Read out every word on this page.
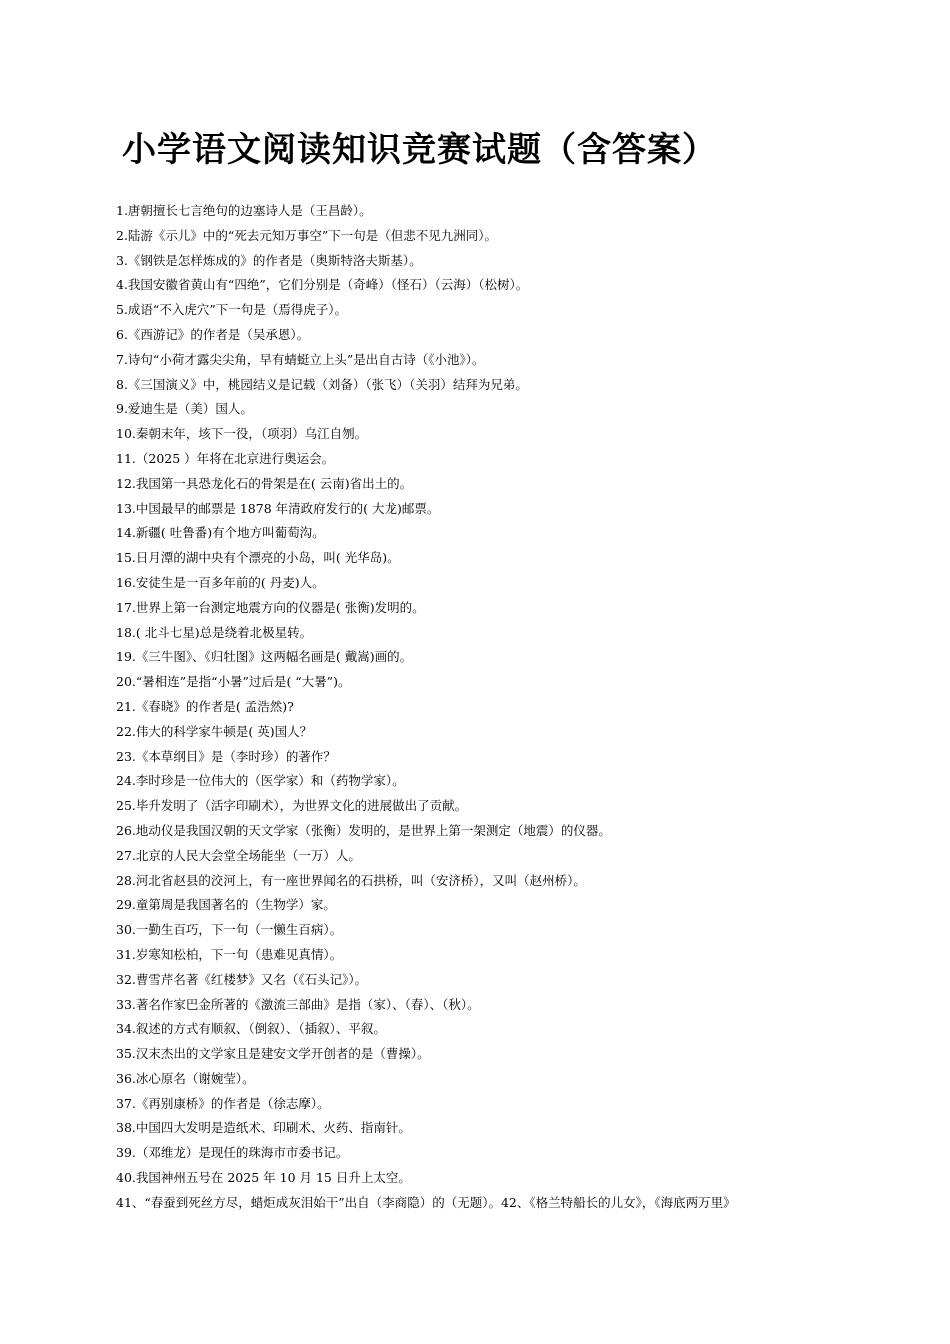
小学语文阅读知识竞赛试题（含答案）
1.唐朝擅长七言绝句的边塞诗人是（王昌龄）。
2.陆游《示儿》中的“死去元知万事空”下一句是（但悲不见九洲同）。
3.《钢铁是怎样炼成的》的作者是（奥斯特洛夫斯基）。
4.我国安徽省黄山有“四绝”，它们分别是（奇峰）（怪石）（云海）（松树）。
5.成语“不入虎穴”下一句是（焉得虎子）。
6.《西游记》的作者是（吴承恩）。
7.诗句“小荷才露尖尖角，早有蜻蜓立上头”是出自古诗（《小池》）。
8.《三国演义》中，桃园结义是记载（刘备）（张飞）（关羽）结拜为兄弟。
9.爱迪生是（美）国人。
10.秦朝末年，垓下一役，（项羽）乌江自刎。
11.（2025 ）年将在北京进行奥运会。
12.我国第一具恐龙化石的骨架是在( 云南)省出土的。
13.中国最早的邮票是 1878 年清政府发行的( 大龙)邮票。
14.新疆( 吐鲁番)有个地方叫葡萄沟。
15.日月潭的湖中央有个漂亮的小岛，叫( 光华岛)。
16.安徒生是一百多年前的( 丹麦)人。
17.世界上第一台测定地震方向的仪器是( 张衡)发明的。
18.( 北斗七星)总是绕着北极星转。
19.《三牛图》、《归牡图》这两幅名画是( 戴嵩)画的。
20.“暑相连”是指“小暑”过后是( “大暑”)。
21.《春晓》的作者是( 孟浩然)?
22.伟大的科学家牛顿是( 英)国人？
23.《本草纲目》是（李时珍）的著作？
24.李时珍是一位伟大的（医学家）和（药物学家）。
25.毕升发明了（活字印刷术），为世界文化的进展做出了贡献。
26.地动仪是我国汉朝的天文学家（张衡）发明的，是世界上第一架测定（地震）的仪器。
27.北京的人民大会堂全场能坐（一万）人。
28.河北省赵县的洨河上，有一座世界闻名的石拱桥，叫（安济桥），又叫（赵州桥）。
29.童第周是我国著名的（生物学）家。
30.一勤生百巧，下一句（一懒生百病）。
31.岁寒知松柏，下一句（患难见真情）。
32.曹雪芹名著《红楼梦》又名（《石头记》）。
33.著名作家巴金所著的《激流三部曲》是指（家）、（春）、（秋）。
34.叙述的方式有顺叙、（倒叙）、（插叙）、平叙。
35.汉末杰出的文学家且是建安文学开创者的是（曹操）。
36.冰心原名（谢婉莹）。
37.《再别康桥》的作者是（徐志摩）。
38.中国四大发明是造纸术、印刷术、火药、指南针。
39.（邓维龙）是现任的珠海市市委书记。
40.我国神州五号在 2025 年 10 月 15 日升上太空。
41、“春蚕到死丝方尽，蜡炬成灰泪始干”出自（李商隐）的（无题）。42、《格兰特船长的儿女》，《海底两万里》
